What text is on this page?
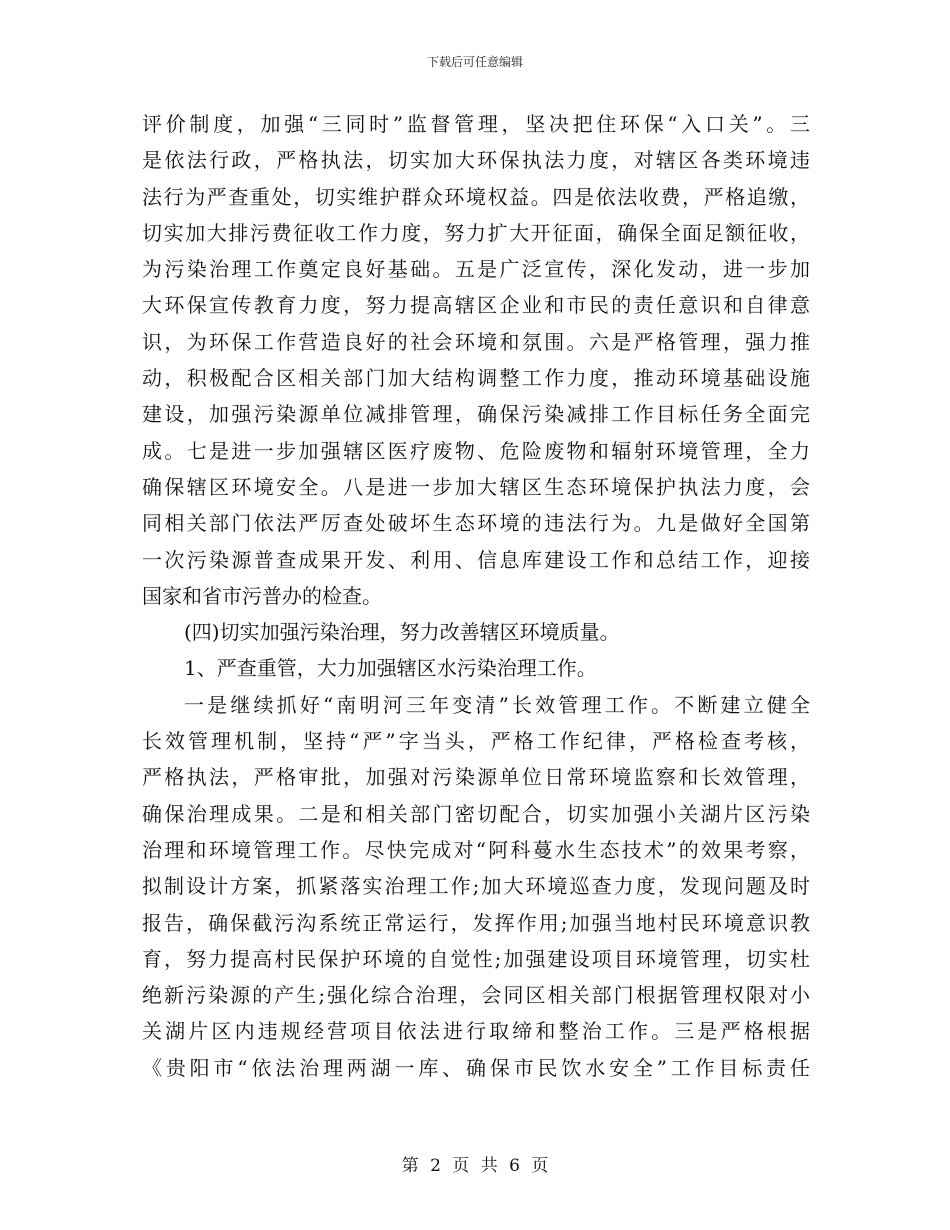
下载后可任意编辑
评价制度，加强“三同时”监督管理，坚决把住环保“入口关”。三
是依法行政，严格执法，切实加大环保执法力度，对辖区各类环境违
法行为严查重处，切实维护群众环境权益。四是依法收费，严格追缴，
切实加大排污费征收工作力度，努力扩大开征面，确保全面足额征收，
为污染治理工作奠定良好基础。五是广泛宣传，深化发动，进一步加
大环保宣传教育力度，努力提高辖区企业和市民的责任意识和自律意
识，为环保工作营造良好的社会环境和氛围。六是严格管理，强力推
动，积极配合区相关部门加大结构调整工作力度，推动环境基础设施
建设，加强污染源单位减排管理，确保污染减排工作目标任务全面完
成。七是进一步加强辖区医疗废物、危险废物和辐射环境管理，全力
确保辖区环境安全。八是进一步加大辖区生态环境保护执法力度，会
同相关部门依法严厉查处破坏生态环境的违法行为。九是做好全国第
一次污染源普查成果开发、利用、信息库建设工作和总结工作，迎接
国家和省市污普办的检查。
(四)切实加强污染治理，努力改善辖区环境质量。
1、严查重管，大力加强辖区水污染治理工作。
一是继续抓好“南明河三年变清”长效管理工作。不断建立健全
长效管理机制，坚持“严”字当头，严格工作纪律，严格检查考核，
严格执法，严格审批，加强对污染源单位日常环境监察和长效管理，
确保治理成果。二是和相关部门密切配合，切实加强小关湖片区污染
治理和环境管理工作。尽快完成对“阿科蔓水生态技术”的效果考察，
拟制设计方案，抓紧落实治理工作;加大环境巡查力度，发现问题及时
报告，确保截污沟系统正常运行，发挥作用;加强当地村民环境意识教
育，努力提高村民保护环境的自觉性;加强建设项目环境管理，切实杜
绝新污染源的产生;强化综合治理，会同区相关部门根据管理权限对小
关湖片区内违规经营项目依法进行取缔和整治工作。三是严格根据
《贵阳市“依法治理两湖一库、确保市民饮水安全”工作目标责任
第 2 页 共 6 页
